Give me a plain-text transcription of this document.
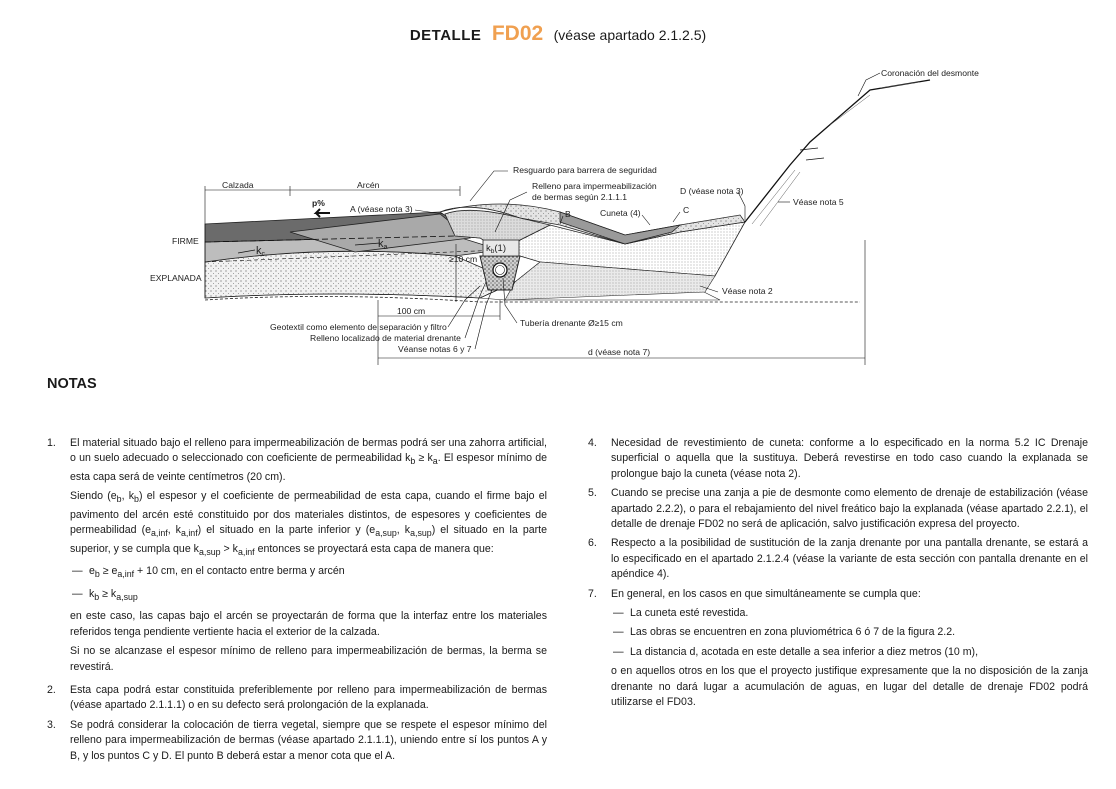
DETALLE FD02 (véase apartado 2.1.2.5)
Coronación del desmonte
Resguardo para barrera de seguridad
Relleno para impermeabilización
de bermas según 2.1.1.1
D (véase nota 3)
Véase nota 5
Calzada	Arcén
p%
A (véase nota 3)	B	Cuneta (4)	C
FIRME
EXPLANADA
kc
ka	$k_b(1)$
≥10 cm
Véase nota 2
100 cm
Geotextil como elemento de separación y filtro
Relleno localizado de material drenante
Véanse notas 6 y 7
Tubería drenante Ø≥15 cm
d (véase nota 7)
NOTAS
1.	El material situado bajo el relleno para impermeabilización de bermas podrá ser una zahorra artificial, o un suelo adecuado o seleccionado con coeficiente de permeabilidad $k_b \ge k_a$. El espesor mínimo de esta capa será de veinte centímetros (20 cm).

Siendo ($e_b$, $k_b$) el espesor y el coeficiente de permeabilidad de esta capa, cuando el firme bajo el pavimento del arcén esté constituido por dos materiales distintos, de espesores y coeficientes de permeabilidad ($e_{a,inf}$, $k_{a,inf}$) el situado en la parte inferior y ($e_{a,sup}$, $k_{a,sup}$) el situado en la parte superior, y se cumpla que $k_{a,sup} > k_{a,inf}$ entonces se proyectará esta capa de manera que:

— $e_b \ge e_{a,inf} + 10$ cm, en el contacto entre berma y arcén
— $k_b \ge k_{a,sup}$

en este caso, las capas bajo el arcén se proyectarán de forma que la interfaz entre los materiales referidos tenga pendiente vertiente hacia el exterior de la calzada.

Si no se alcanzase el espesor mínimo de relleno para impermeabilización de bermas, la berma se revestirá.

2.	Esta capa podrá estar constituida preferiblemente por relleno para impermeabilización de bermas (véase apartado 2.1.1.1) o en su defecto será prolongación de la explanada.
3.	Se podrá considerar la colocación de tierra vegetal, siempre que se respete el espesor mínimo del relleno para impermeabilización de bermas (véase apartado 2.1.1.1), uniendo entre sí los puntos A y B, y los puntos C y D. El punto B deberá estar a menor cota que el A.
4.	Necesidad de revestimiento de cuneta: conforme a lo especificado en la norma 5.2 IC Drenaje superficial o aquella que la sustituya. Deberá revestirse en todo caso cuando la explanada se prolongue bajo la cuneta (véase nota 2).
5.	Cuando se precise una zanja a pie de desmonte como elemento de drenaje de estabilización (véase apartado 2.2.2), o para el rebajamiento del nivel freático bajo la explanada (véase apartado 2.2.1), el detalle de drenaje FD02 no será de aplicación, salvo justificación expresa del proyecto.
6.	Respecto a la posibilidad de sustitución de la zanja drenante por una pantalla drenante, se estará a lo especificado en el apartado 2.1.2.4 (véase la variante de esta sección con pantalla drenante en el apéndice 4).
7.	En general, en los casos en que simultáneamente se cumpla que:

— La cuneta esté revestida.
— Las obras se encuentren en zona pluviométrica 6 ó 7 de la figura 2.2.
— La distancia d, acotada en este detalle a sea inferior a diez metros (10 m),

o en aquellos otros en los que el proyecto justifique expresamente que la no disposición de la zanja drenante no dará lugar a acumulación de aguas, en lugar del detalle de drenaje FD02 podrá utilizarse el FD03.
